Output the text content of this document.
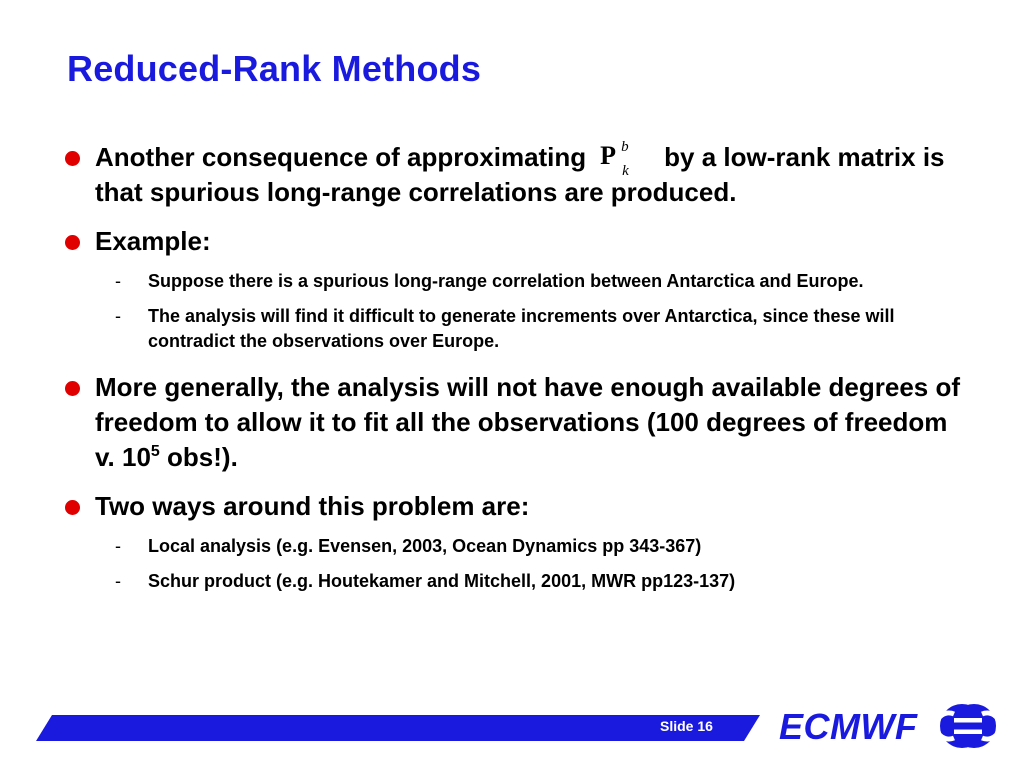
Reduced-Rank Methods
Another consequence of approximating P b
k by a low-rank matrix is that spurious long-range correlations are produced.
Example:
- Suppose there is a spurious long-range correlation between Antarctica and Europe.
- The analysis will find it difficult to generate increments over Antarctica, since these will contradict the observations over Europe.
More generally, the analysis will not have enough available degrees of freedom to allow it to fit all the observations (100 degrees of freedom v. $10^5$ obs!).
Two ways around this problem are:
- Local analysis (e.g. Evensen, 2003, Ocean Dynamics pp 343-367)
- Schur product (e.g. Houtekamer and Mitchell, 2001, MWR pp123-137)
Slide 16 ECMWF
